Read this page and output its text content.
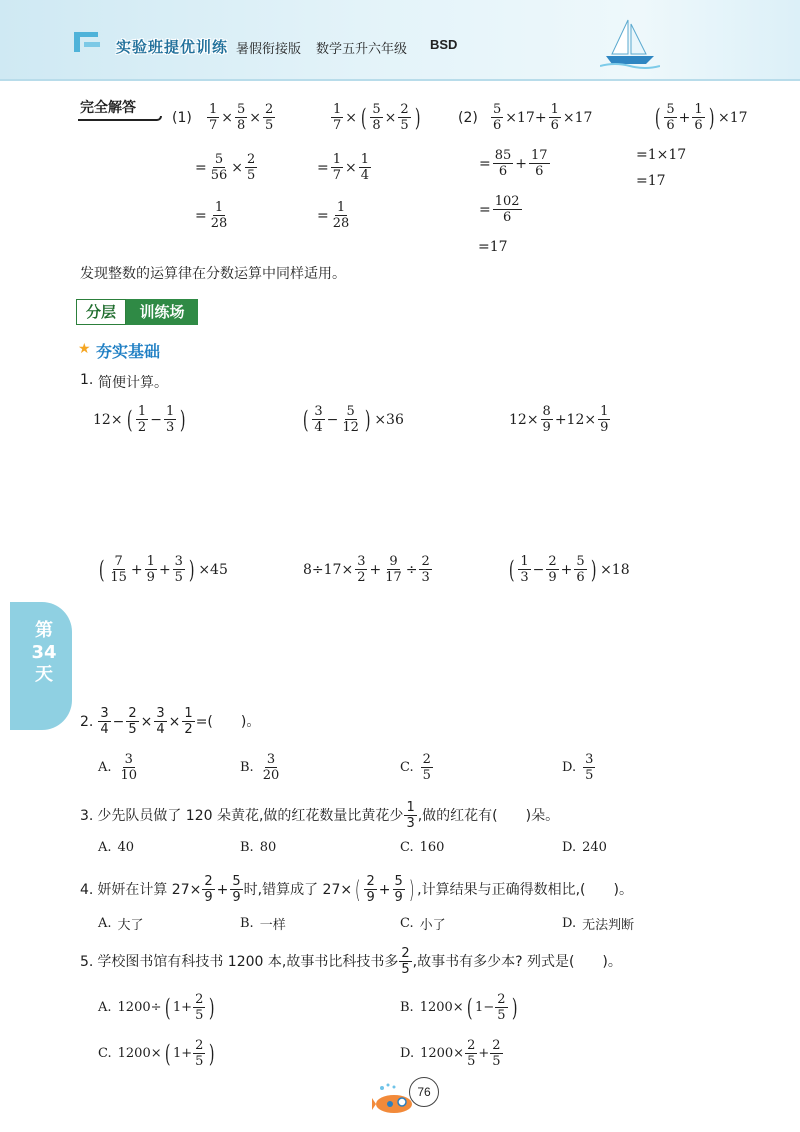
实验班提优训练 暑假衔接版 数学五升六年级 BSD
完全解答
(1)	(2)
$\frac{1}{7} \times \frac{5}{8} \times \frac{2}{5}$
= $\frac{5}{56} \times \frac{2}{5}$
= $\frac{1}{28}$
$\frac{1}{7}$ × ( $\frac{5}{8} \times \frac{2}{5}$ )
= $\frac{1}{7} \times \frac{1}{4}$
= $\frac{1}{28}$
$\frac{5}{6} \times 17+ \frac{1}{6} \times 17$
= $\frac{85}{6} + \frac{17}{6}$
= $\frac{102}{6}$
=17
( $\frac{5}{6} + \frac{1}{6}$ ) ×17
=1×17
=17
发现整数的运算律在分数运算中同样适用。
分层	训练场
★ 夯实基础
1. 简便计算。
12× ( $\frac{1}{2} - \frac{1}{3}$ )	( $\frac{3}{4} - \frac{5}{12}$ ) ×36	$12\times \frac{8}{9} +12\times \frac{1}{9}$
( $\frac{7}{15} + \frac{1}{9} + \frac{3}{5}$ ) ×45	$8\div 17\times \frac{3}{2} + \frac{9}{17} \div \frac{2}{3}$	( $\frac{1}{3} - \frac{2}{9} + \frac{5}{6}$ ) ×18
第
34
天
2. $\frac{3}{4} - \frac{2}{5} \times \frac{3}{4} \times \frac{1}{2}$ =(　　)。
A. $\frac{3}{10}$	B. $\frac{3}{20}$	C. $\frac{2}{5}$	D. $\frac{3}{5}$
3. 少先队员做了 120 朵黄花,做的红花数量比黄花少 $\frac{1}{3}$ ,做的红花有(　　)朵。
A. 40	B. 80	C. 160	D. 240
4. 妍妍在计算 $27\times \frac{2}{9} + \frac{5}{9}$ 时,错算成了 27× ( $\frac{2}{9} + \frac{5}{9}$ ) ,计算结果与正确得数相比,(　　)。
A. 大了	B. 一样	C. 小了	D. 无法判断
5. 学校图书馆有科技书 1200 本,故事书比科技书多 $\frac{2}{5}$ ,故事书有多少本? 列式是(　　)。
A. 1200÷ ( $1+ \frac{2}{5}$ )	B. 1200× ( $1- \frac{2}{5}$ )
C. 1200× ( $1+ \frac{2}{5}$ )	D. $1200\times \frac{2}{5} + \frac{2}{5}$
76
